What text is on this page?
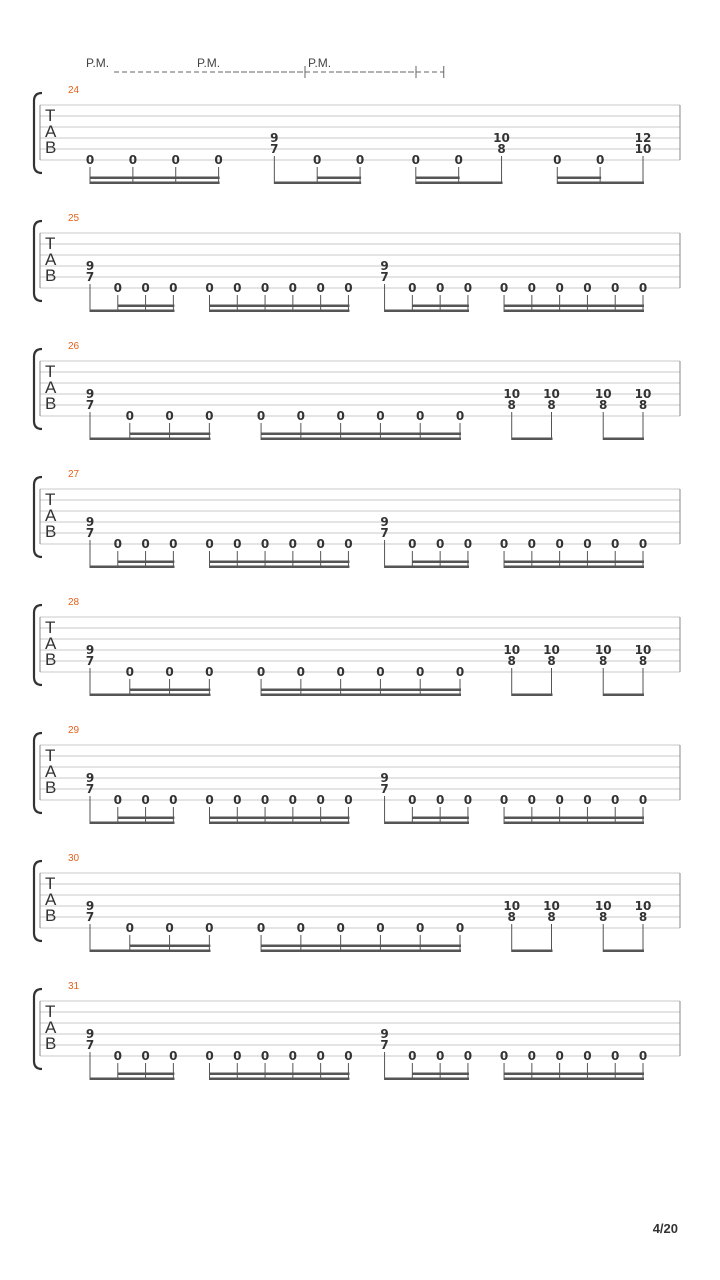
P.M.	P.M.	P.M.
24
T
A
B
0	0	0	0
9
7
0	0	0	0
10
8
0	0
12
10
25
T
A
B 9
7
0 0 0 0 0 0 0 0 0
9
7
0 0 0 0 0 0 0 0 0
26
T
A
B 9
7
0	0	0	0	0	0	0	0	0
10
8
10
8
10
8
10
8
27
T
A
B 9
7
0 0 0 0 0 0 0 0 0
9
7
0 0 0 0 0 0 0 0 0
28
T
A
B 9
7
0	0	0	0	0	0	0	0	0
10
8
10
8
10
8
10
8
29
T
A
B 9
7
0 0 0 0 0 0 0 0 0
9
7
0 0 0 0 0 0 0 0 0
30
T
A
B 9
7
0	0	0	0	0	0	0	0	0
10
8
10
8
10
8
10
8
31
T
A
B 9
7
0 0 0 0 0 0 0 0 0
9
7
0 0 0 0 0 0 0 0 0
4/20
